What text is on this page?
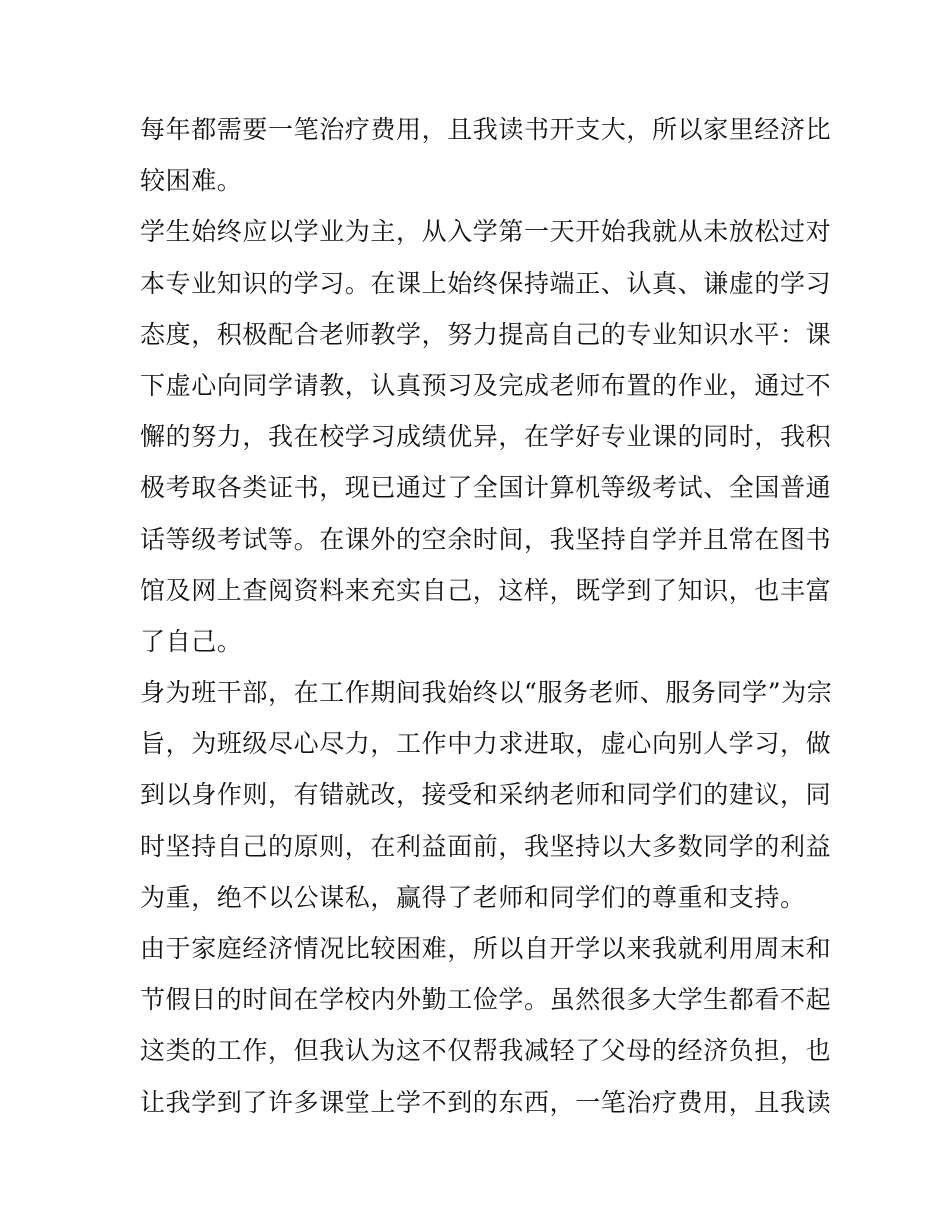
每年都需要一笔治疗费用，且我读书开支大，所以家里经济比
较困难。
学生始终应以学业为主，从入学第一天开始我就从未放松过对
本专业知识的学习。在课上始终保持端正、认真、谦虚的学习
态度，积极配合老师教学，努力提高自己的专业知识水平：课
下虚心向同学请教，认真预习及完成老师布置的作业，通过不
懈的努力，我在校学习成绩优异，在学好专业课的同时，我积
极考取各类证书，现已通过了全国计算机等级考试、全国普通
话等级考试等。在课外的空余时间，我坚持自学并且常在图书
馆及网上查阅资料来充实自己，这样，既学到了知识，也丰富
了自己。
身为班干部，在工作期间我始终以“服务老师、服务同学”为宗
旨，为班级尽心尽力，工作中力求进取，虚心向别人学习，做
到以身作则，有错就改，接受和采纳老师和同学们的建议，同
时坚持自己的原则，在利益面前，我坚持以大多数同学的利益
为重，绝不以公谋私，赢得了老师和同学们的尊重和支持。
由于家庭经济情况比较困难，所以自开学以来我就利用周末和
节假日的时间在学校内外勤工俭学。虽然很多大学生都看不起
这类的工作，但我认为这不仅帮我减轻了父母的经济负担，也
让我学到了许多课堂上学不到的东西，一笔治疗费用，且我读
